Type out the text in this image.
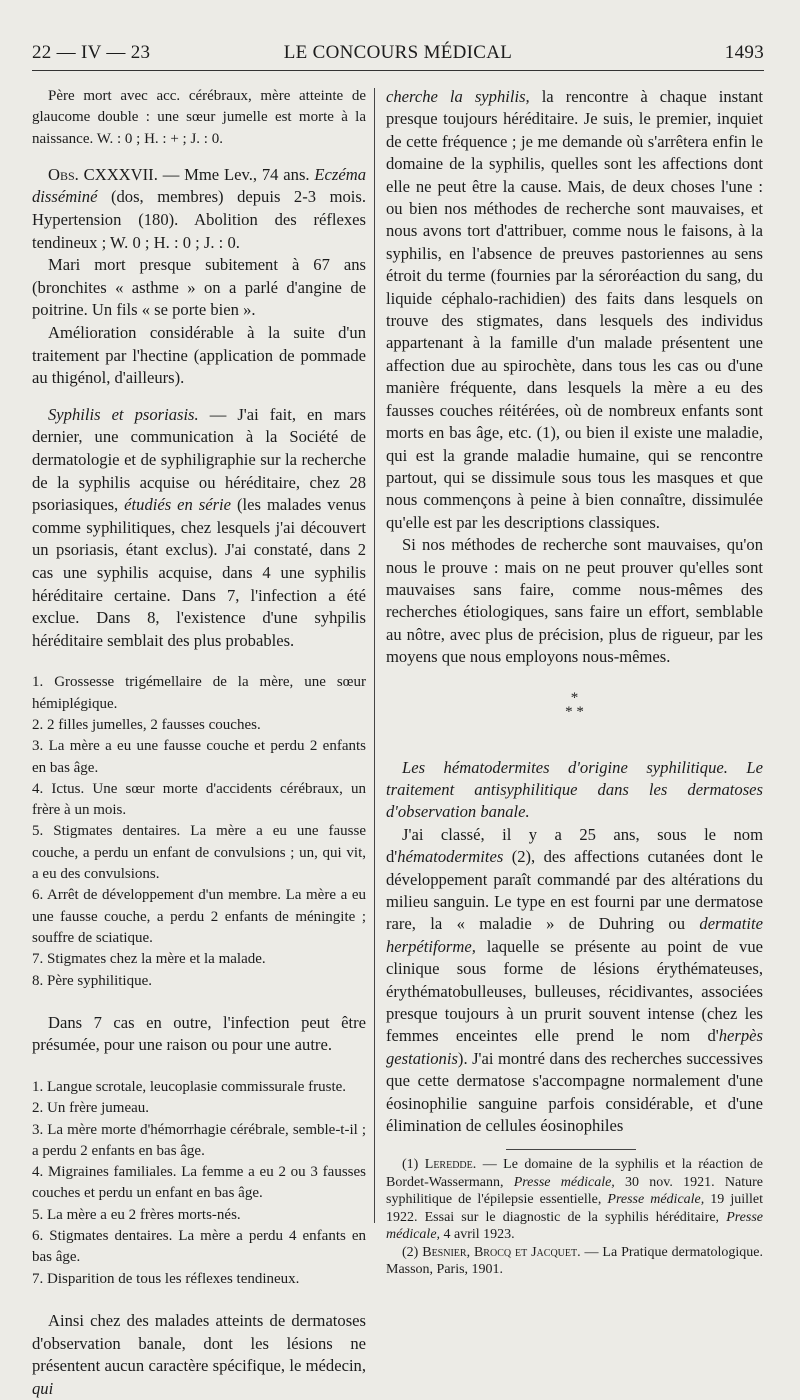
22 — IV — 23	LE CONCOURS MÉDICAL	1493

Père mort avec acc. cérébraux, mère atteinte de glaucome double : une sœur jumelle est morte à la naissance. W. : 0 ; H. : + ; J. : 0.

Obs. CXXXVII. — Mme Lev., 74 ans. Eczéma disséminé (dos, membres) depuis 2-3 mois. Hypertension (180). Abolition des réflexes tendineux ; W. 0 ; H. : 0 ; J. : 0.

Mari mort presque subitement à 67 ans (bronchites « asthme » on a parlé d'angine de poitrine. Un fils « se porte bien ».

Amélioration considérable à la suite d'un traitement par l'hectine (application de pommade au thigénol, d'ailleurs).

Syphilis et psoriasis. — J'ai fait, en mars dernier, une communication à la Société de dermatologie et de syphiligraphie sur la recherche de la syphilis acquise ou héréditaire, chez 28 psoriasiques, étudiés en série (les malades venus comme syphilitiques, chez lesquels j'ai découvert un psoriasis, étant exclus). J'ai constaté, dans 2 cas une syphilis acquise, dans 4 une syphilis héréditaire certaine. Dans 7, l'infection a été exclue. Dans 8, l'existence d'une syhpilis héréditaire semblait des plus probables.

1. Grossesse trigémellaire de la mère, une sœur hémiplégique.

2. 2 filles jumelles, 2 fausses couches.

3. La mère a eu une fausse couche et perdu 2 enfants en bas âge.

4. Ictus. Une sœur morte d'accidents cérébraux, un frère à un mois.

5. Stigmates dentaires. La mère a eu une fausse couche, a perdu un enfant de convulsions ; un, qui vit, a eu des convulsions.

6. Arrêt de développement d'un membre. La mère a eu une fausse couche, a perdu 2 enfants de méningite ; souffre de sciatique.

7. Stigmates chez la mère et la malade.

8. Père syphilitique.

Dans 7 cas en outre, l'infection peut être présumée, pour une raison ou pour une autre.

1. Langue scrotale, leucoplasie commissurale fruste.

2. Un frère jumeau.

3. La mère morte d'hémorrhagie cérébrale, semble-t-il ; a perdu 2 enfants en bas âge.

4. Migraines familiales. La femme a eu 2 ou 3 fausses couches et perdu un enfant en bas âge.

5. La mère a eu 2 frères morts-nés.

6. Stigmates dentaires. La mère a perdu 4 enfants en bas âge.

7. Disparition de tous les réflexes tendineux.

Ainsi chez des malades atteints de dermatoses d'observation banale, dont les lésions ne présentent aucun caractère spécifique, le médecin, qui

cherche la syphilis, la rencontre à chaque instant presque toujours héréditaire. Je suis, le premier, inquiet de cette fréquence ; je me demande où s'arrêtera enfin le domaine de la syphilis, quelles sont les affections dont elle ne peut être la cause. Mais, de deux choses l'une : ou bien nos méthodes de recherche sont mauvaises, et nous avons tort d'attribuer, comme nous le faisons, à la syphilis, en l'absence de preuves pastoriennes au sens étroit du terme (fournies par la séroréaction du sang, du liquide céphalo-rachidien) des faits dans lesquels on trouve des stigmates, dans lesquels des individus appartenant à la famille d'un malade présentent une affection due au spirochète, dans tous les cas ou d'une manière fréquente, dans lesquels la mère a eu des fausses couches réitérées, où de nombreux enfants sont morts en bas âge, etc. (1), ou bien il existe une maladie, qui est la grande maladie humaine, qui se rencontre partout, qui se dissimule sous tous les masques et que nous commençons à peine à bien connaître, dissimulée qu'elle est par les descriptions classiques.

Si nos méthodes de recherche sont mauvaises, qu'on nous le prouve : mais on ne peut prouver qu'elles sont mauvaises sans faire, comme nous-mêmes des recherches étiologiques, sans faire un effort, semblable au nôtre, avec plus de précision, plus de rigueur, par les moyens que nous employons nous-mêmes.

*
* *

Les hématodermites d'origine syphilitique. Le traitement antisyphilitique dans les dermatoses d'observation banale.

J'ai classé, il y a 25 ans, sous le nom d'hématodermites (2), des affections cutanées dont le développement paraît commandé par des altérations du milieu sanguin. Le type en est fourni par une dermatose rare, la « maladie » de Duhring ou dermatite herpétiforme, laquelle se présente au point de vue clinique sous forme de lésions érythémateuses, érythématobulleuses, bulleuses, récidivantes, associées presque toujours à un prurit souvent intense (chez les femmes enceintes elle prend le nom d'herpès gestationis). J'ai montré dans des recherches successives que cette dermatose s'accompagne normalement d'une éosinophilie sanguine parfois considérable, et d'une élimination de cellules éosinophiles

(1) Leredde. — Le domaine de la syphilis et la réaction de Bordet-Wassermann, Presse médicale, 30 nov. 1921. Nature syphilitique de l'épilepsie essentielle, Presse médicale, 19 juillet 1922. Essai sur le diagnostic de la syphilis héréditaire, Presse médicale, 4 avril 1923.

(2) Besnier, Brocq et Jacquet. — La Pratique dermatologique. Masson, Paris, 1901.
